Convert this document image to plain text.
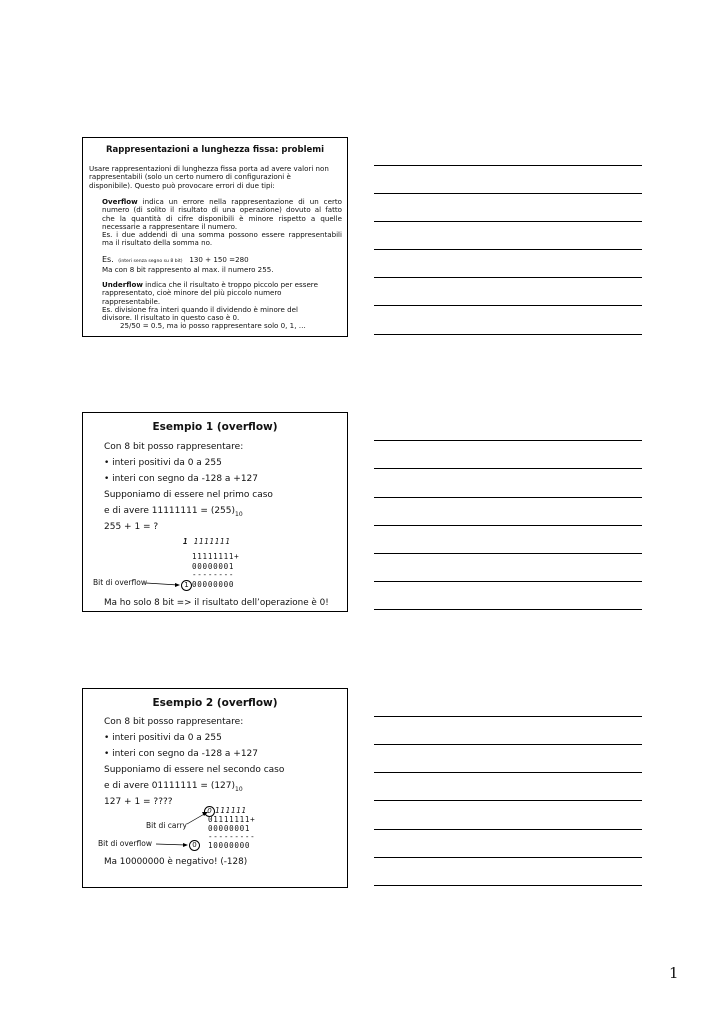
Rappresentazioni a lunghezza fissa: problemi
Usare rappresentazioni di lunghezza fissa porta ad avere valori non
rappresentabili (solo un certo numero di configurazioni è
disponibile). Questo può provocare errori di due tipi:
Overflow indica un errore nella rappresentazione di un certo
numero (di solito il risultato di una operazione) dovuto al fatto
che la quantità di cifre disponibili è minore rispetto a quelle
necessarie a rappresentare il numero.
Es. i due addendi di una somma possono essere rappresentabili
ma il risultato della somma no.
Es. (interi senza segno su 8 bit) 130 + 150 =280
Ma con 8 bit rappresento al max. il numero 255.
Underflow indica che il risultato è troppo piccolo per essere
rappresentato, cioè minore del più piccolo numero
rappresentabile.
Es. divisione fra interi quando il dividendo è minore del
divisore. Il risultato in questo caso è 0.
25/50 = 0.5, ma io posso rappresentare solo 0, 1, …
Esempio 1 (overflow)
Con 8 bit posso rappresentare:
• interi positivi da 0 a 255
• interi con segno da -128 a +127
Supponiamo di essere nel primo caso
e di avere $11111111 = (255)_{10}$
255 + 1 = ?
1 1111111
11111111+
00000001
--------
1 00000000
Bit di overflow
Ma ho solo 8 bit => il risultato dell’operazione è 0!
Esempio 2 (overflow)
Con 8 bit posso rappresentare:
• interi positivi da 0 a 255
• interi con segno da -128 a +127
Supponiamo di essere nel secondo caso
e di avere $01111111 = (127)_{10}$
127 + 1 = ????
0 111111
01111111+
00000001
---------
0	10000000
Bit di carry
Bit di overflow
Ma 10000000 è negativo! (-128)
1
